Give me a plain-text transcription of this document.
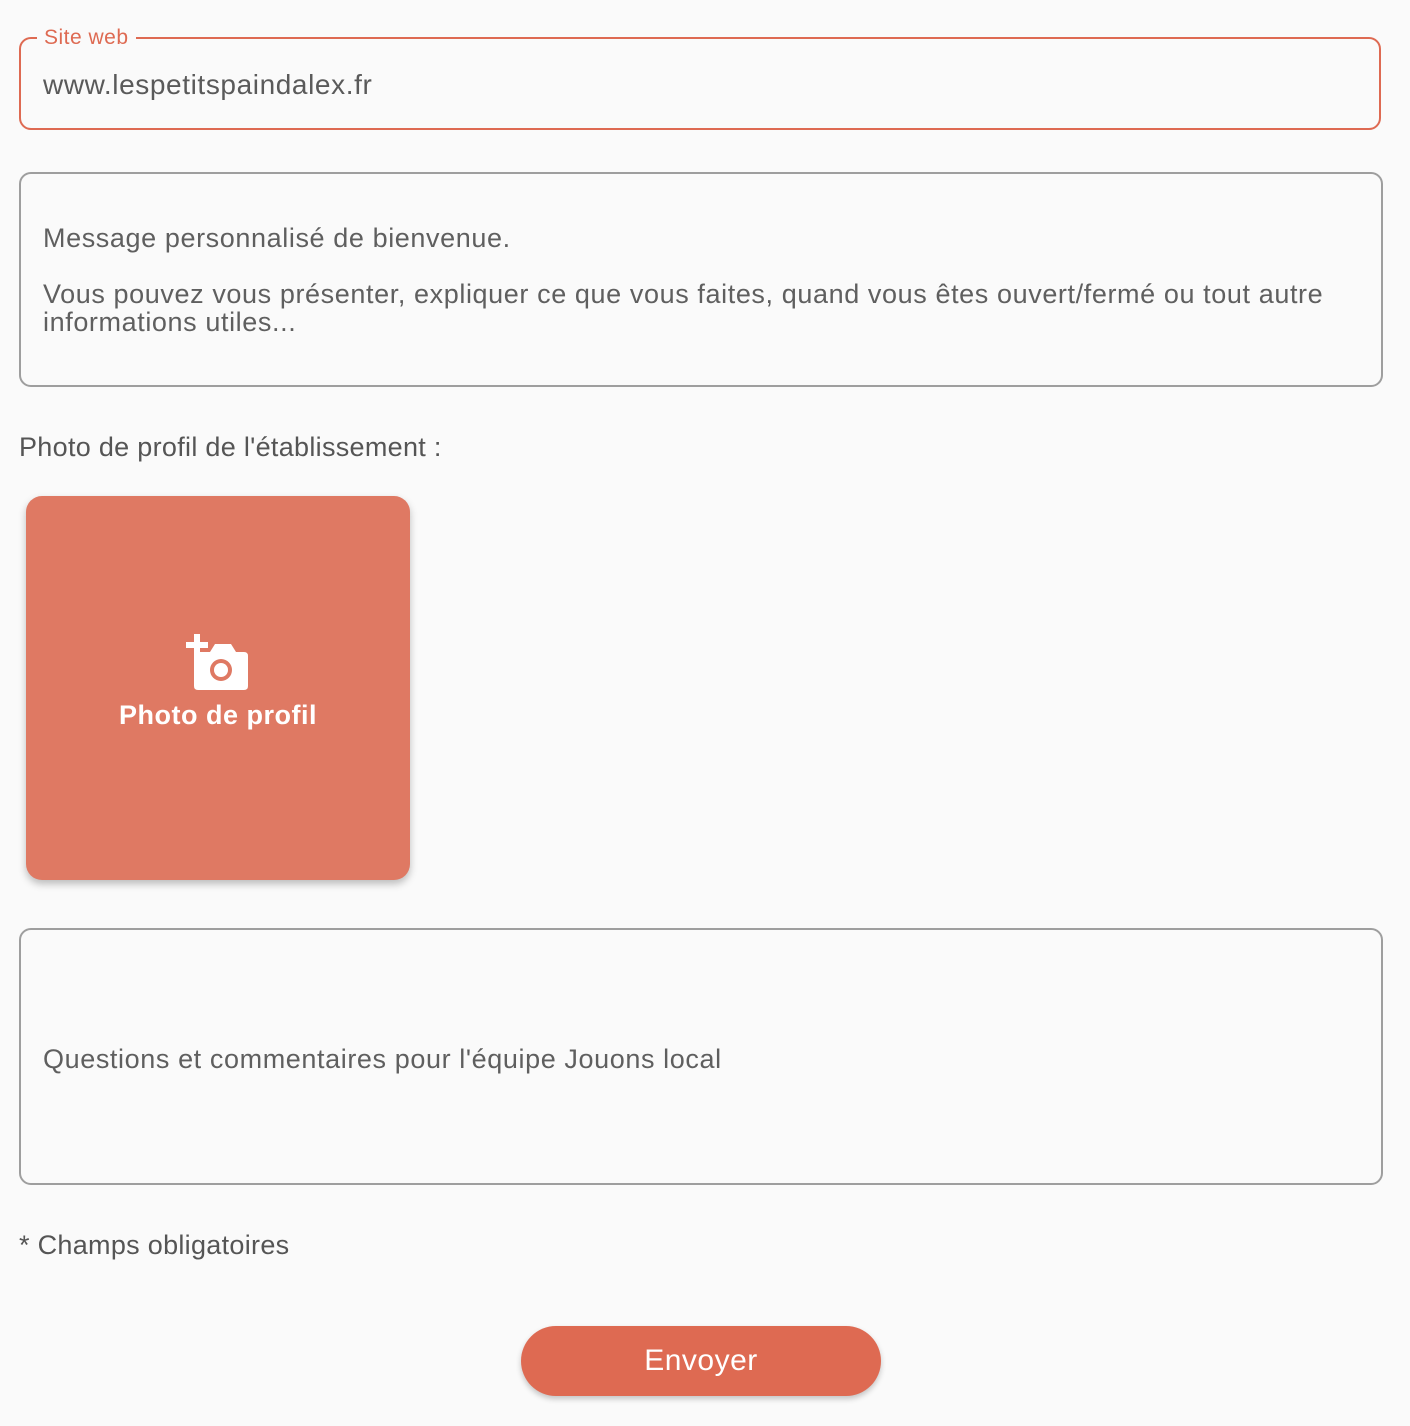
Site web
www.lespetitspaindalex.fr
Message personnalisé de bienvenue.

Vous pouvez vous présenter, expliquer ce que vous faites, quand vous êtes ouvert/fermé ou tout autre informations utiles...
Photo de profil de l'établissement :
Photo de profil
Questions et commentaires pour l'équipe Jouons local
* Champs obligatoires
Envoyer
